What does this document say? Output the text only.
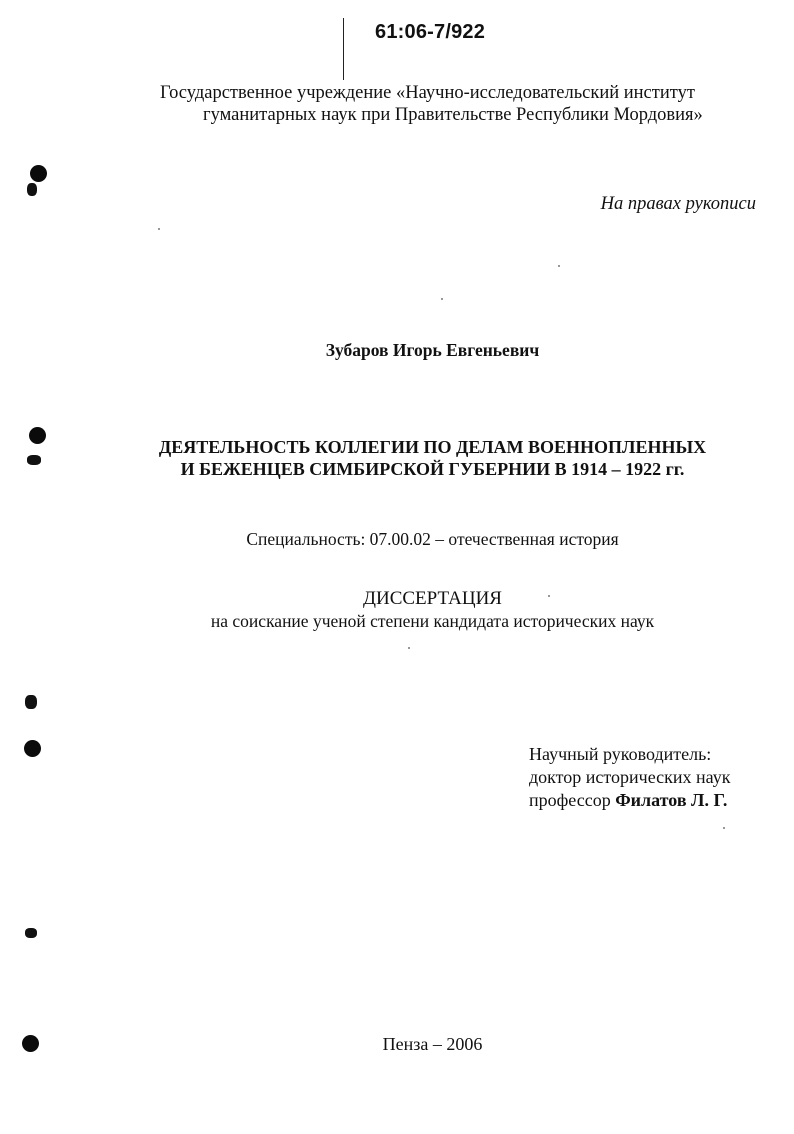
61:06-7/922
Государственное учреждение «Научно-исследовательский институт
гуманитарных наук при Правительстве Республики Мордовия»
На правах рукописи
Зубаров Игорь Евгеньевич
ДЕЯТЕЛЬНОСТЬ КОЛЛЕГИИ ПО ДЕЛАМ ВОЕННОПЛЕННЫХ
И БЕЖЕНЦЕВ СИМБИРСКОЙ ГУБЕРНИИ В 1914 – 1922 гг.
Специальность: 07.00.02 – отечественная история
ДИССЕРТАЦИЯ
на соискание ученой степени кандидата исторических наук
Научный руководитель:
доктор исторических наук
профессор Филатов Л. Г.
Пенза – 2006
